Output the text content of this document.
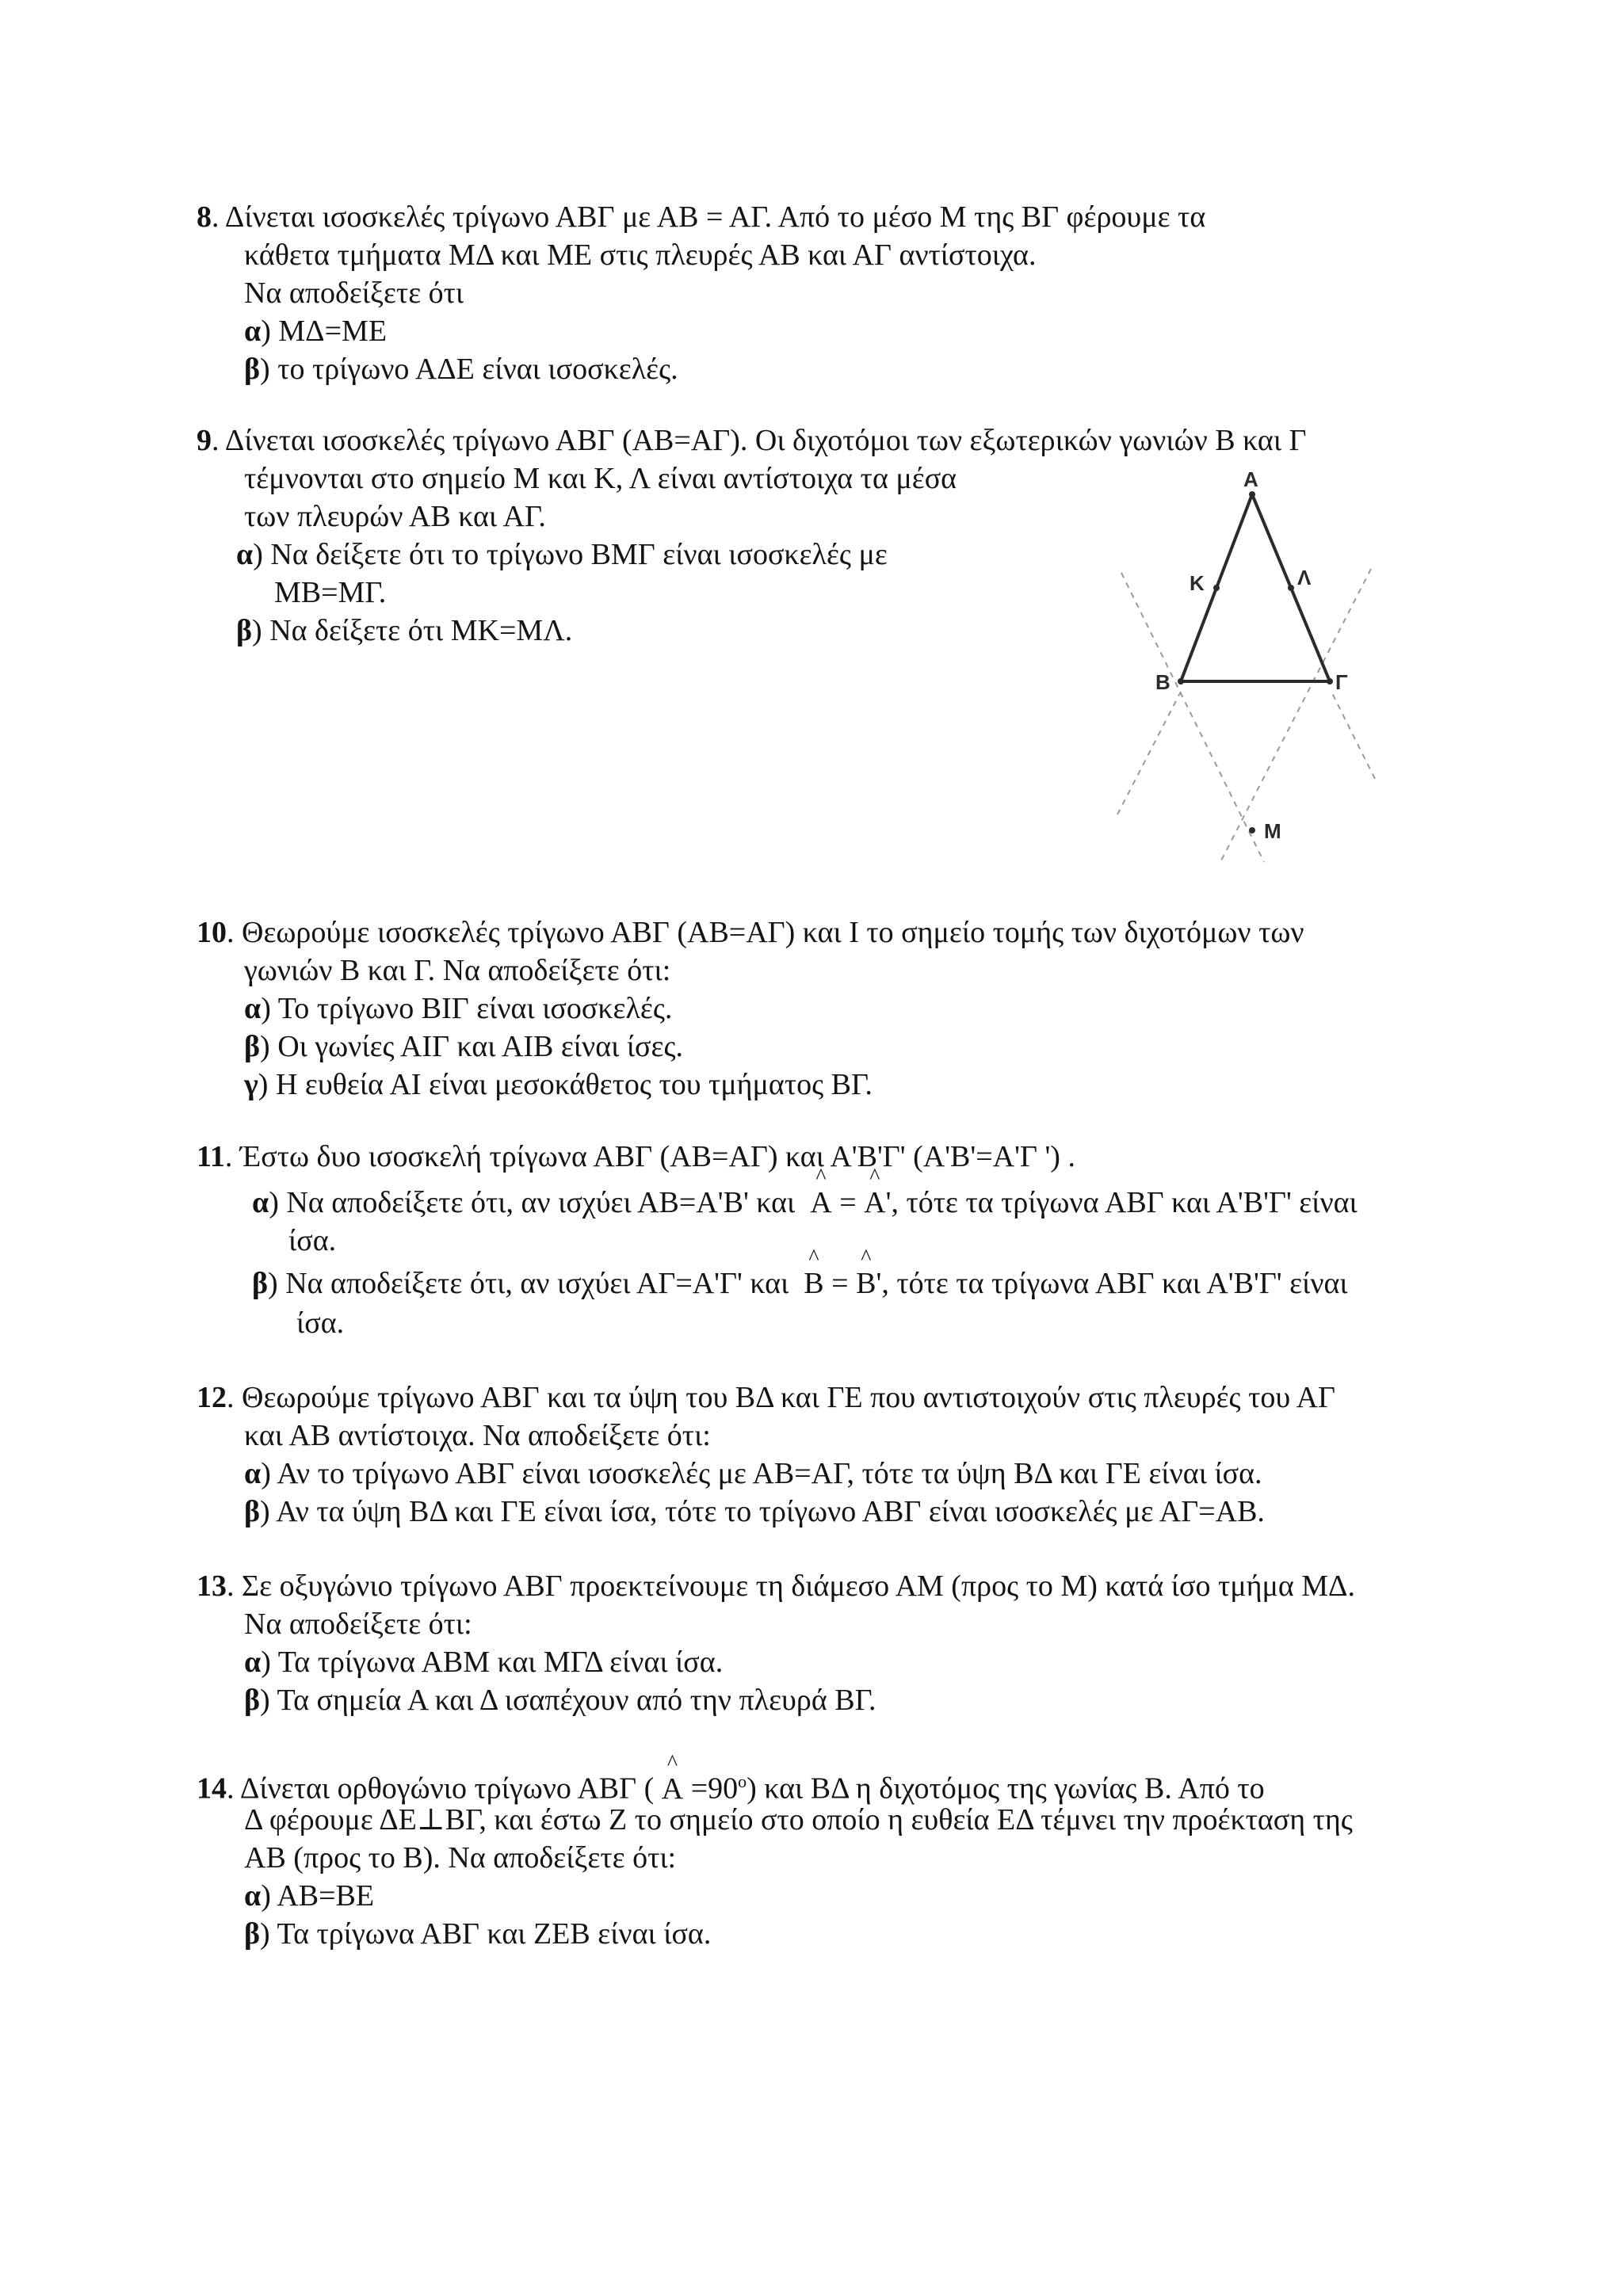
8. Δίνεται ισοσκελές τρίγωνο ΑΒΓ με ΑΒ = ΑΓ. Από το μέσο Μ της ΒΓ φέρουμε τα
κάθετα τμήματα ΜΔ και ΜΕ στις πλευρές ΑΒ και ΑΓ αντίστοιχα.
Να αποδείξετε ότι
α) ΜΔ=ΜΕ
β) το τρίγωνο ΑΔΕ είναι ισοσκελές.
9. Δίνεται ισοσκελές τρίγωνο ΑΒΓ (ΑΒ=ΑΓ). Οι διχοτόμοι των εξωτερικών γωνιών Β και Γ
τέμνονται στο σημείο Μ και Κ, Λ είναι αντίστοιχα τα μέσα
των πλευρών ΑΒ και ΑΓ.
α) Να δείξετε ότι το τρίγωνο ΒΜΓ είναι ισοσκελές με
ΜΒ=ΜΓ.
β) Να δείξετε ότι ΜΚ=ΜΛ.
Α
Κ	Λ
Β	Γ
Μ
10. Θεωρούμε ισοσκελές τρίγωνο ΑΒΓ (ΑΒ=ΑΓ) και Ι το σημείο τομής των διχοτόμων των
γωνιών Β και Γ. Να αποδείξετε ότι:
α) Το τρίγωνο ΒΙΓ είναι ισοσκελές.
β) Οι γωνίες ΑΙΓ και ΑΙΒ είναι ίσες.
γ) Η ευθεία ΑΙ είναι μεσοκάθετος του τμήματος ΒΓ.
11. Έστω δυο ισοσκελή τρίγωνα ΑΒΓ (ΑΒ=ΑΓ) και Α'Β'Γ' (Α'Β'=Α'Γ ') .
α) Να αποδείξετε ότι, αν ισχύει ΑΒ=Α'Β' και ^ Α = ^ Α', τότε τα τρίγωνα ΑΒΓ και Α'Β'Γ' είναι
ίσα.
β) Να αποδείξετε ότι, αν ισχύει ΑΓ=Α'Γ' και ^ Β = ^ Β', τότε τα τρίγωνα ΑΒΓ και Α'Β'Γ' είναι
ίσα.
12. Θεωρούμε τρίγωνο ΑΒΓ και τα ύψη του ΒΔ και ΓΕ που αντιστοιχούν στις πλευρές του ΑΓ
και ΑΒ αντίστοιχα. Να αποδείξετε ότι:
α) Αν το τρίγωνο ΑΒΓ είναι ισοσκελές με ΑΒ=ΑΓ, τότε τα ύψη ΒΔ και ΓΕ είναι ίσα.
β) Αν τα ύψη ΒΔ και ΓΕ είναι ίσα, τότε το τρίγωνο ΑΒΓ είναι ισοσκελές με ΑΓ=ΑΒ.
13. Σε οξυγώνιο τρίγωνο ΑΒΓ προεκτείνουμε τη διάμεσο ΑΜ (προς το Μ) κατά ίσο τμήμα ΜΔ.
Να αποδείξετε ότι:
α) Τα τρίγωνα ΑΒΜ και ΜΓΔ είναι ίσα.
β) Τα σημεία Α και Δ ισαπέχουν από την πλευρά ΒΓ.
14. Δίνεται ορθογώνιο τρίγωνο ΑΒΓ ( ^ $A =90^o$) και ΒΔ η διχοτόμος της γωνίας Β. Από το
Δ φέρουμε ΔΕ⊥ΒΓ, και έστω Ζ το σημείο στο οποίο η ευθεία ΕΔ τέμνει την προέκταση της
ΑΒ (προς το Β). Να αποδείξετε ότι:
α) ΑΒ=ΒΕ
β) Τα τρίγωνα ΑΒΓ και ΖΕΒ είναι ίσα.
